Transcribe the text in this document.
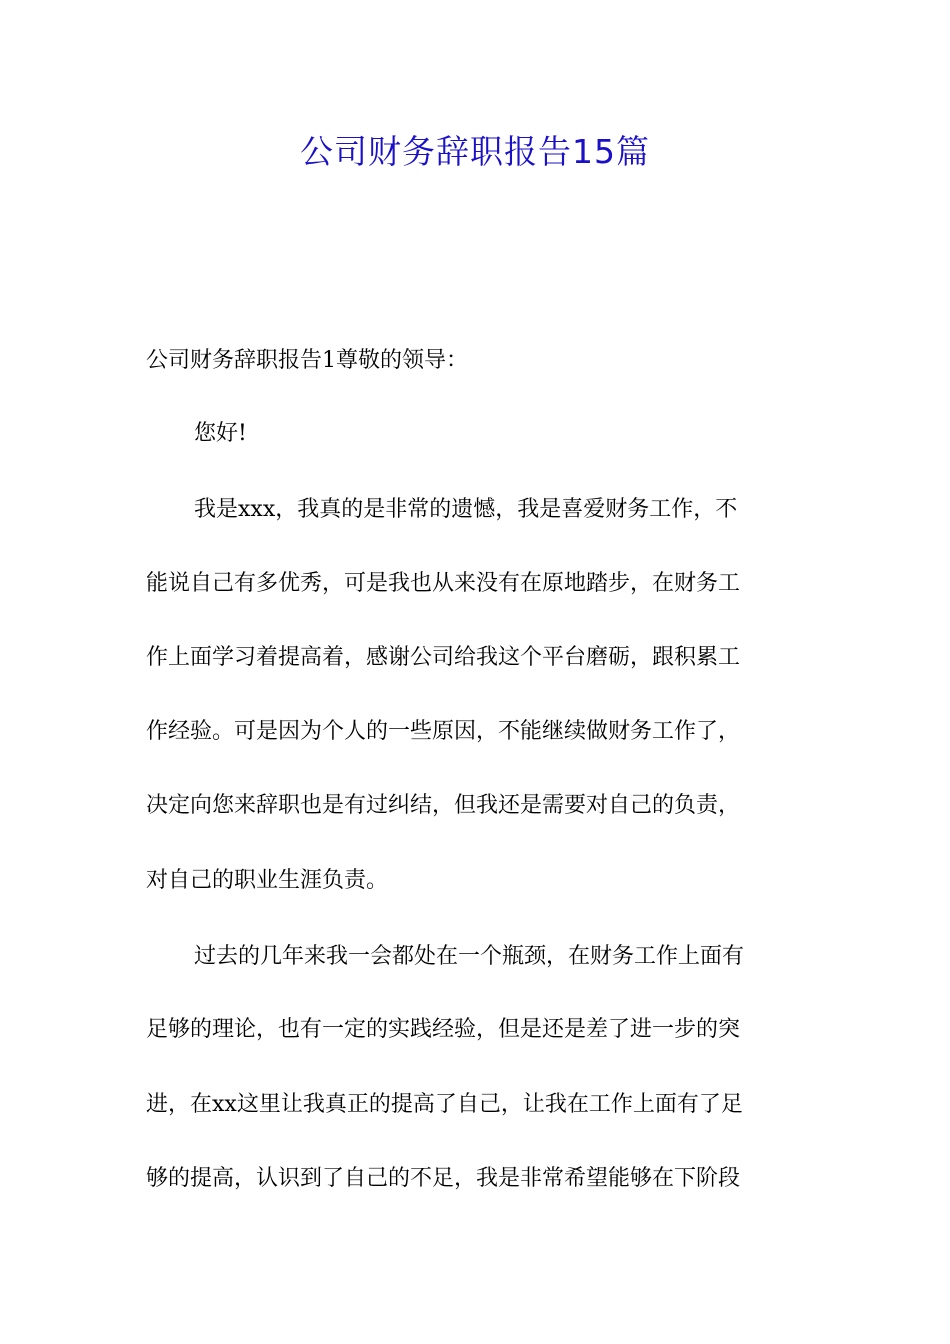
公司财务辞职报告15篇
公司财务辞职报告1尊敬的领导：
您好!
我是xxx，我真的是非常的遗憾，我是喜爱财务工作，不
能说自己有多优秀，可是我也从来没有在原地踏步，在财务工
作上面学习着提高着，感谢公司给我这个平台磨砺，跟积累工
作经验。可是因为个人的一些原因，不能继续做财务工作了，
决定向您来辞职也是有过纠结，但我还是需要对自己的负责，
对自己的职业生涯负责。
过去的几年来我一会都处在一个瓶颈，在财务工作上面有
足够的理论，也有一定的实践经验，但是还是差了进一步的突
进，在xx这里让我真正的提高了自己，让我在工作上面有了足
够的提高，认识到了自己的不足，我是非常希望能够在下阶段
